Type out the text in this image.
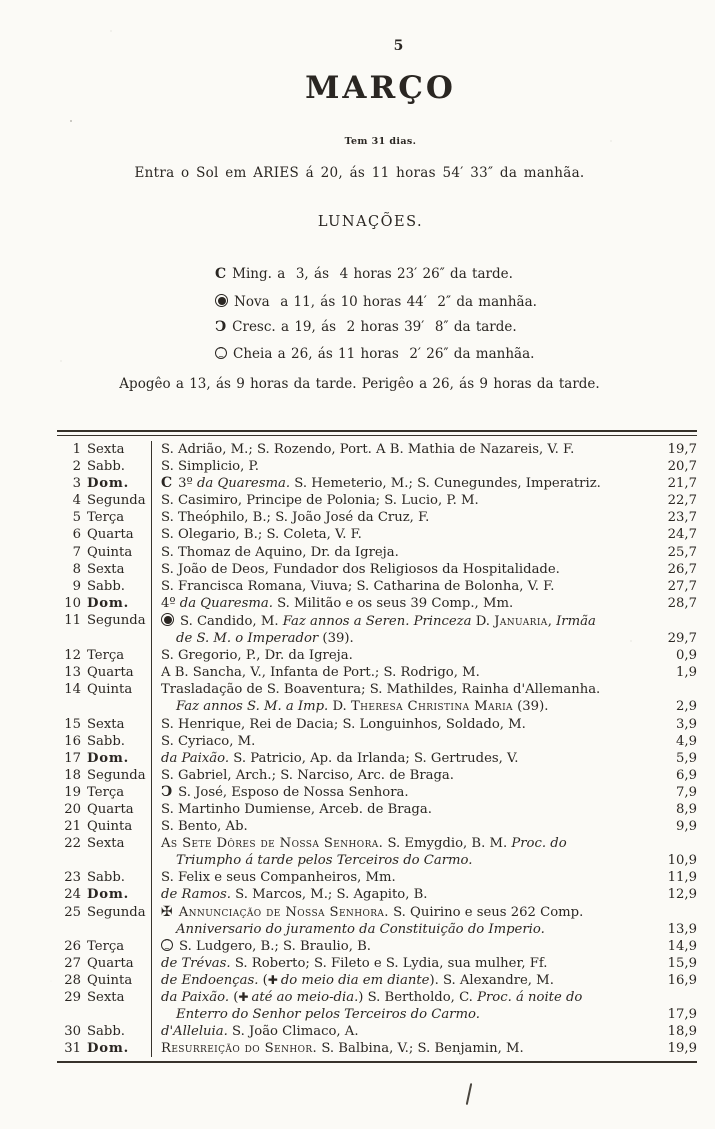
5
MARÇO
Tem 31 dias.
Entra o Sol em ARIES á 20, ás 11 horas 54′ 33″ da manhãa.
LUNAÇÕES.
C
Ming. a  3, ás  4 horas 23′ 26″ da tarde.
Nova  a 11, ás 10 horas 44′  2″ da manhãa.
C
Cresc. a 19, ás  2 horas 39′  8″ da tarde.
·· ~
Cheia a 26, ás 11 horas  2′ 26″ da manhãa.
Apogêo a 13, ás 9 horas da tarde. Perigêo a 26, ás 9 horas da tarde.
1 Sexta	S. Adrião, M.; S. Rozendo, Port. A B. Mathia de Nazareis, V. F.	19,7
2 Sabb.	S. Simplicio, P.	20,7
3 Dom. C	3º da Quaresma. S. Hemeterio, M.; S. Cunegundes, Imperatriz.	21,7
4 Segunda	S. Casimiro, Principe de Polonia; S. Lucio, P. M.	22,7
5 Terça	S. Theóphilo, B.; S. João José da Cruz, F.	23,7
6 Quarta	S. Olegario, B.; S. Coleta, V. F.	24,7
7 Quinta	S. Thomaz de Aquino, Dr. da Igreja.	25,7
8 Sexta	S. João de Deos, Fundador dos Religiosos da Hospitalidade.	26,7
9 Sabb.	S. Francisca Romana, Viuva; S. Catharina de Bolonha, V. F.	27,7
10 Dom.	4º da Quaresma. S. Militão e os seus 39 Comp., Mm.	28,7
11 Segunda	S. Candido, M. Faz annos a Seren. Princeza D. Januaria, Irmãa
de S. M. o Imperador (39).	29,7
12 Terça	S. Gregorio, P., Dr. da Igreja.	0,9
13 Quarta	A B. Sancha, V., Infanta de Port.; S. Rodrigo, M.	1,9
14 Quinta	Trasladação de S. Boaventura; S. Mathildes, Rainha d'Allemanha.
Faz annos S. M. a Imp. D. Theresa Christina Maria (39).	2,9
15 Sexta	S. Henrique, Rei de Dacia; S. Longuinhos, Soldado, M.	3,9
16 Sabb.	S. Cyriaco, M.	4,9
17 Dom.	da Paixão. S. Patricio, Ap. da Irlanda; S. Gertrudes, V.	5,9
18 Segunda	S. Gabriel, Arch.; S. Narciso, Arc. de Braga.	6,9
19 Terça C	S. José, Esposo de Nossa Senhora.	7,9
20 Quarta	S. Martinho Dumiense, Arceb. de Braga.	8,9
21 Quinta	S. Bento, Ab.	9,9
22 Sexta	As Sete Dôres de Nossa Senhora. S. Emygdio, B. M. Proc. do
Triumpho á tarde pelos Terceiros do Carmo.	10,9
23 Sabb.	S. Felix e seus Companheiros, Mm.	11,9
24 Dom.	de Ramos. S. Marcos, M.; S. Agapito, B.	12,9
25 Segunda ✠	Annunciação de Nossa Senhora. S. Quirino e seus 262 Comp.
Anniversario do juramento da Constituição do Imperio.	13,9
26 Terça ·· ~	S. Ludgero, B.; S. Braulio, B.	14,9
27 Quarta	de Trévas. S. Roberto; S. Fileto e S. Lydia, sua mulher, Ff.	15,9
28 Quinta	de Endoenças. ( ✚ do meio dia em diante). S. Alexandre, M.	16,9
29 Sexta	da Paixão. ( ✚ até ao meio-dia.) S. Bertholdo, C. Proc. á noite do
Enterro do Senhor pelos Terceiros do Carmo.	17,9
30 Sabb.	d'Alleluia. S. João Climaco, A.	18,9
31 Dom.	Resurreição do Senhor. S. Balbina, V.; S. Benjamin, M.	19,9
